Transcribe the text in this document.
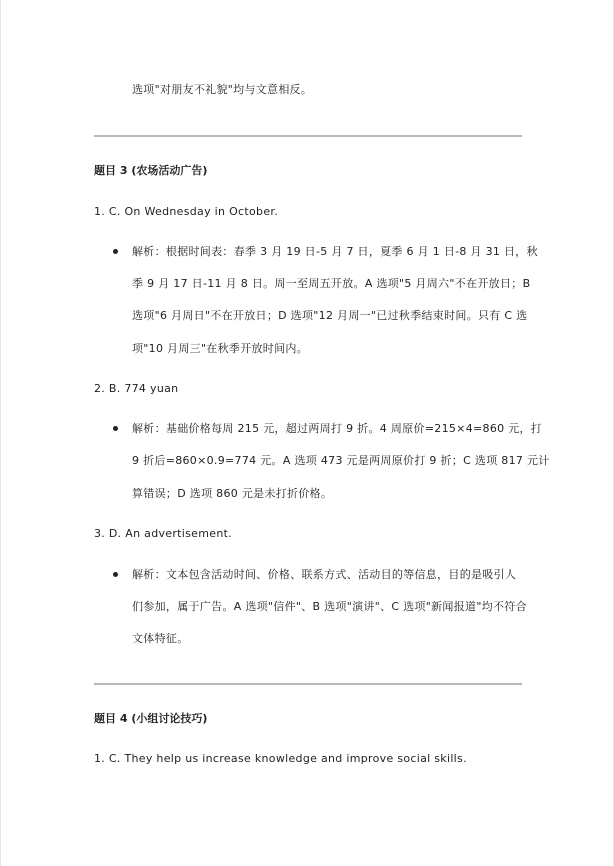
选项"对朋友不礼貌"均与文意相反。
题目 3 (农场活动广告)
1. C. On Wednesday in October.
解析：根据时间表：春季 3 月 19 日-5 月 7 日，夏季 6 月 1 日-8 月 31 日，秋
季 9 月 17 日-11 月 8 日。周一至周五开放。A 选项"5 月周六"不在开放日；B
选项"6 月周日"不在开放日；D 选项"12 月周一"已过秋季结束时间。只有 C 选
项"10 月周三"在秋季开放时间内。
2. B. 774 yuan
解析：基础价格每周 215 元，超过两周打 9 折。4 周原价=215×4=860 元，打
9 折后=860×0.9=774 元。A 选项 473 元是两周原价打 9 折；C 选项 817 元计
算错误；D 选项 860 元是未打折价格。
3. D. An advertisement.
解析：文本包含活动时间、价格、联系方式、活动目的等信息，目的是吸引人
们参加，属于广告。A 选项"信件"、B 选项"演讲"、C 选项"新闻报道"均不符合
文体特征。
题目 4 (小组讨论技巧)
1. C. They help us increase knowledge and improve social skills.
